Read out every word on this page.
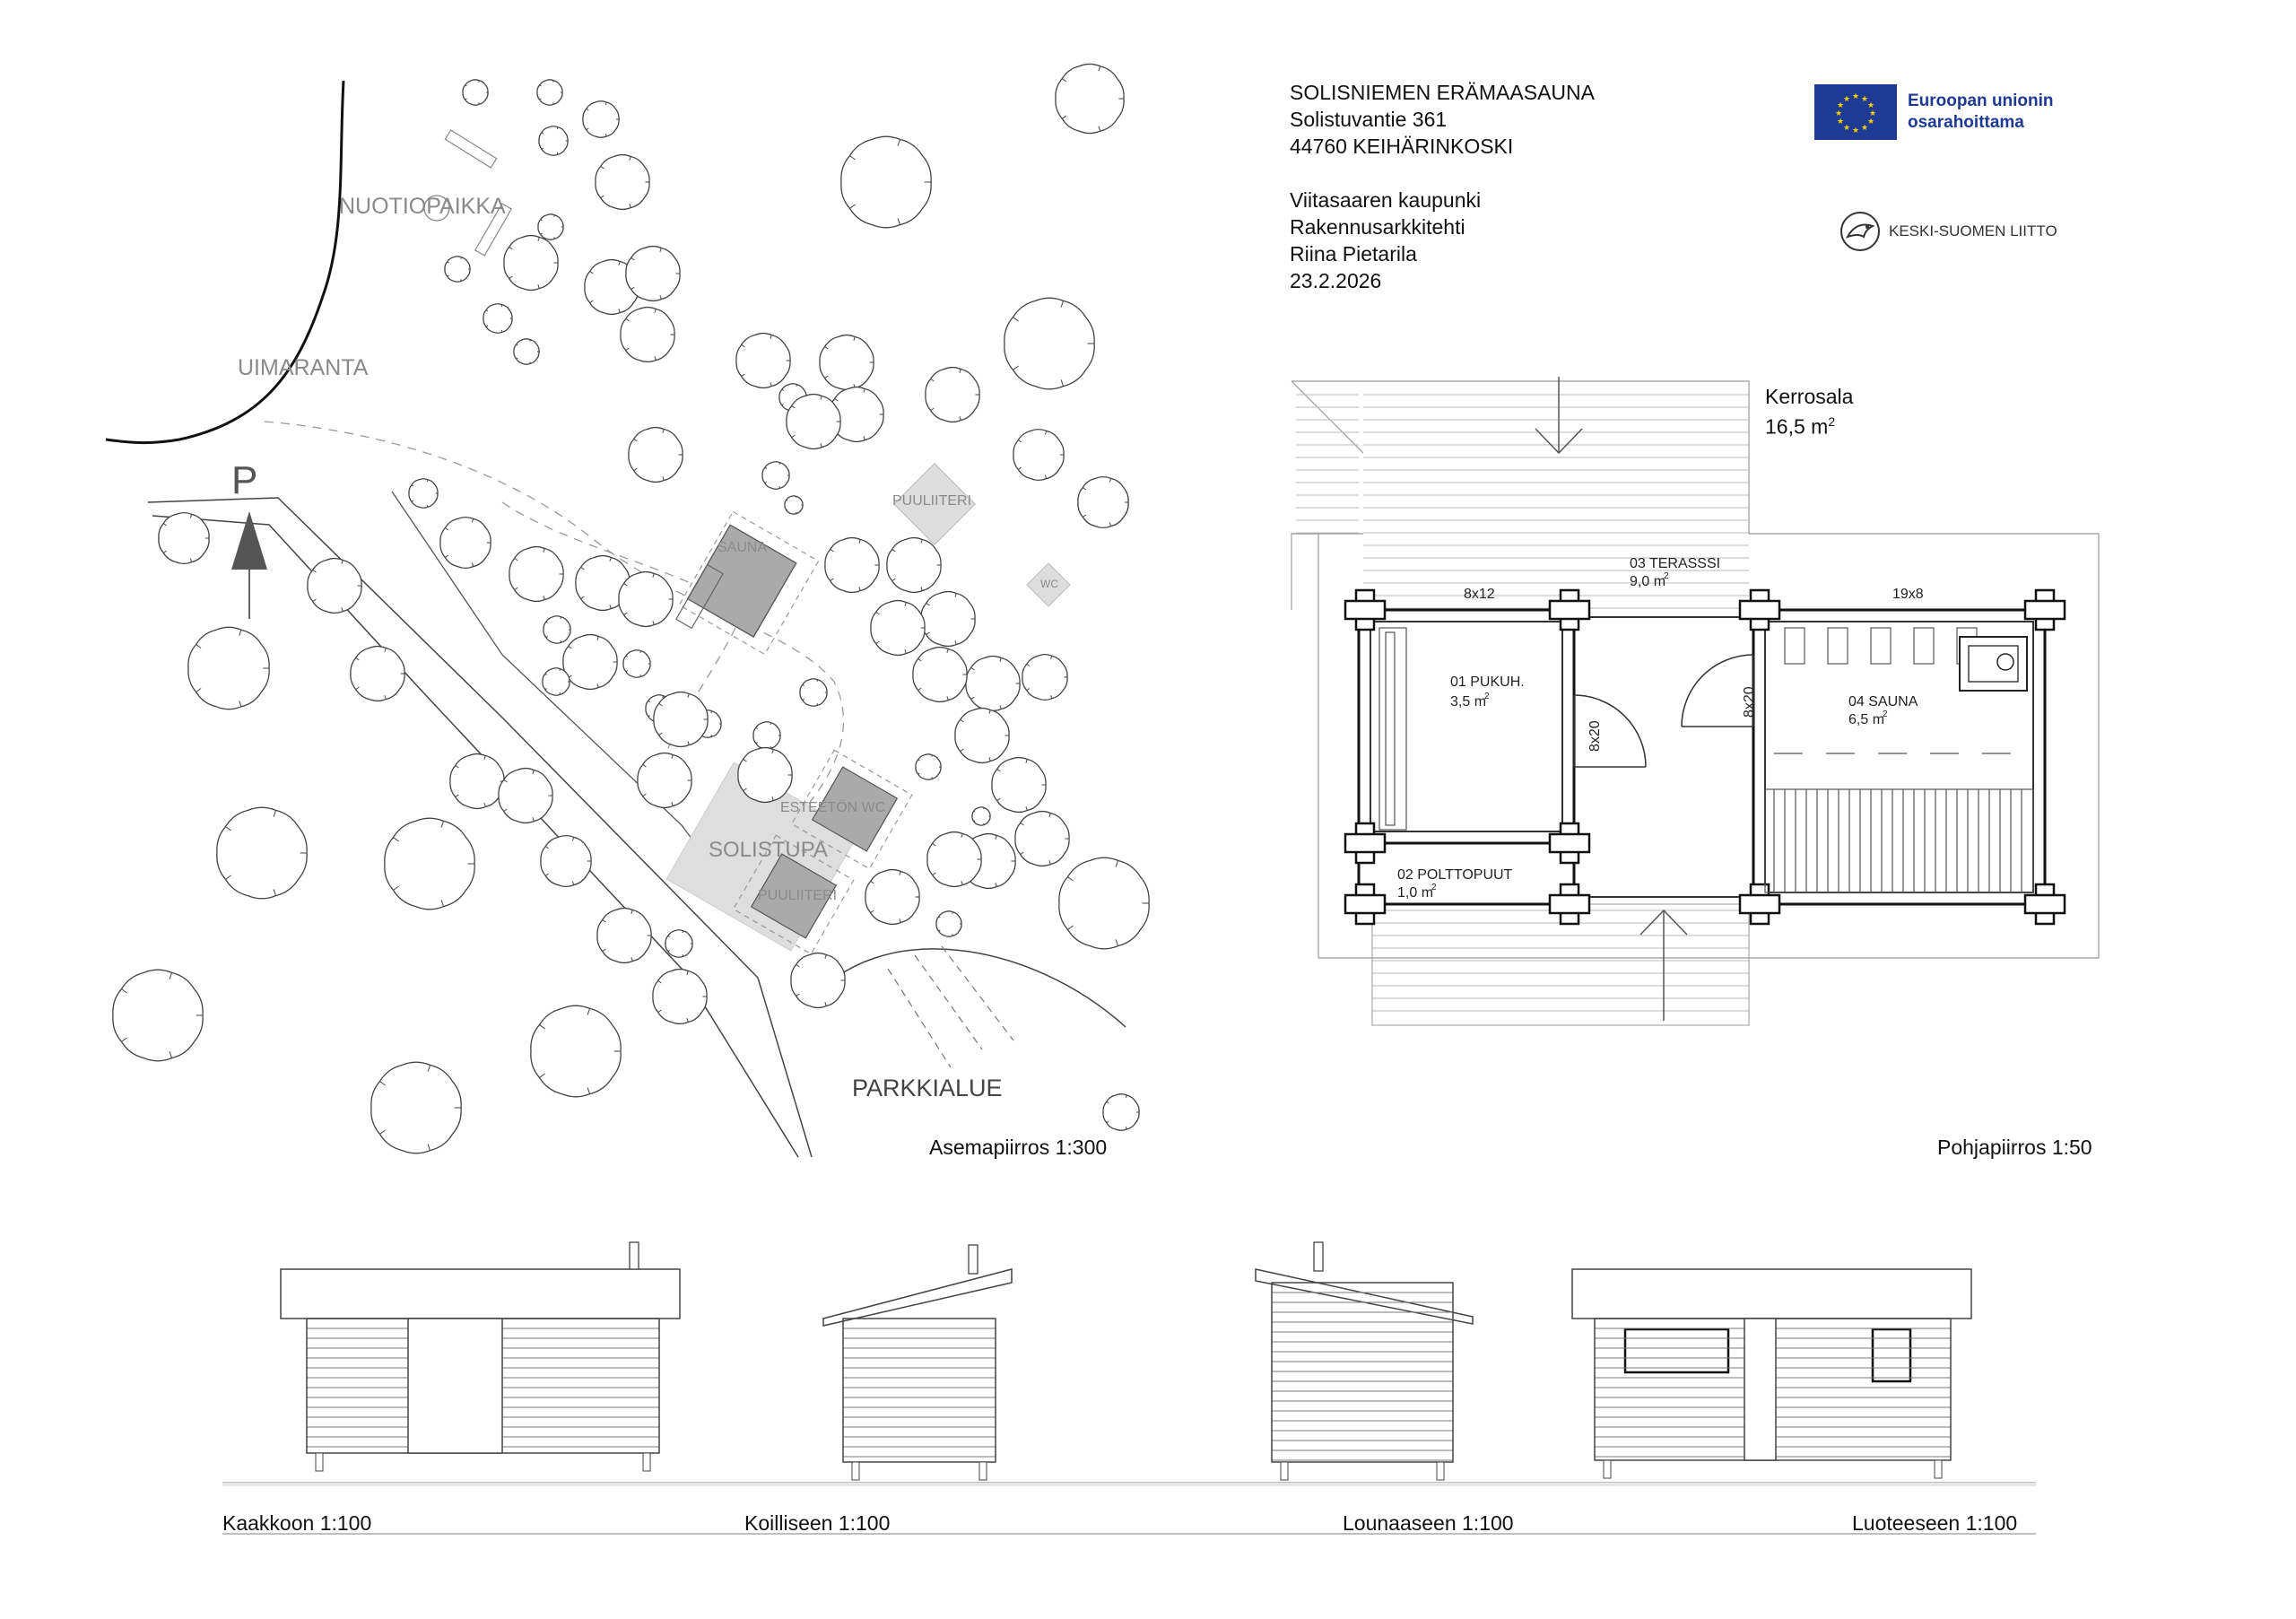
SOLISNIEMEN ERÄMAASAUNA
Solistuvantie 361
44760 KEIHÄRINKOSKI
Viitasaaren kaupunki
Rakennusarkkitehti
Riina Pietarila
23.2.2026
★ ★
★
★
★
★
★
★
★
★
★
★	Euroopan unionin
osarahoittama
KESKI-SUOMEN LIITTO
P
NUOTIOPAIKKA
UIMARANTA
SAUNA
PUULIITERI
WC
ESTEETÖN WC
SOLISTUPA
PUULIITERI
PARKKIALUE
8x12	19x8
8x20
8x20
01 PUKUH.
3,5 m
2
02 POLTTOPUUT
1,0 m
2
03 TERASSSI
9,0 m
2
04 SAUNA
6,5 m
2
Asemapiirros 1:300	Pohjapiirros 1:50
Kerrosala
16,5 $m^2$
Kaakkoon 1:100	Koilliseen 1:100	Lounaaseen 1:100	Luoteeseen 1:100
